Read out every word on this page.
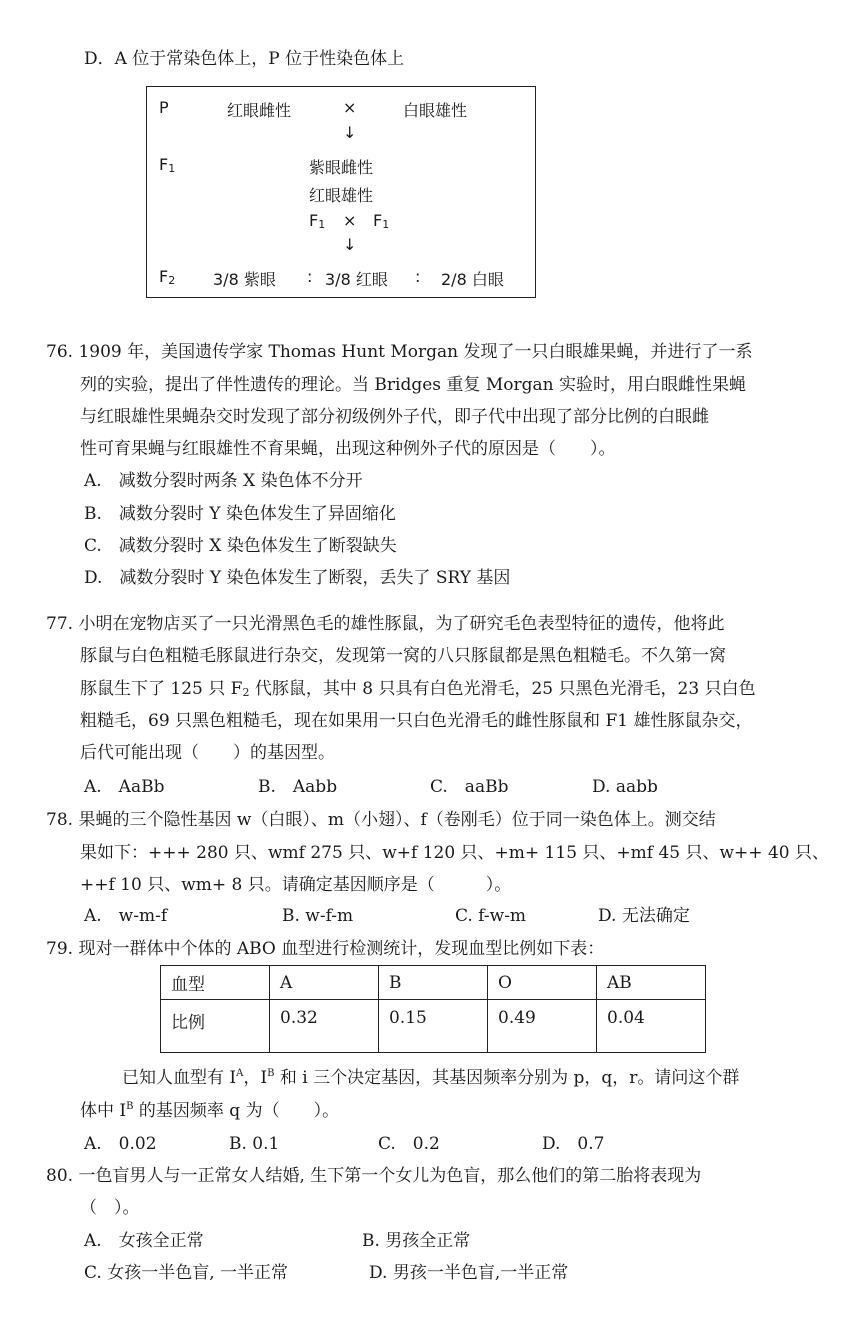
D．A 位于常染色体上，P 位于性染色体上
P	红眼雌性	×	白眼雄性
↓
$F_1$	紫眼雌性
红眼雄性
$F_1 \times F_1$
↓
$F_2$ 3/8 紫眼 : 3/8 红眼 : 2/8 白眼
76. 1909 年，美国遗传学家 Thomas Hunt Morgan 发现了一只白眼雄果蝇，并进行了一系
列的实验，提出了伴性遗传的理论。当 Bridges 重复 Morgan 实验时，用白眼雌性果蝇
与红眼雄性果蝇杂交时发现了部分初级例外子代，即子代中出现了部分比例的白眼雌
性可育果蝇与红眼雄性不育果蝇，出现这种例外子代的原因是（　　）。
A.　减数分裂时两条 X 染色体不分开
B.　减数分裂时 Y 染色体发生了异固缩化
C.　减数分裂时 X 染色体发生了断裂缺失
D.　减数分裂时 Y 染色体发生了断裂，丢失了 SRY 基因
77. 小明在宠物店买了一只光滑黑色毛的雄性豚鼠，为了研究毛色表型特征的遗传，他将此
豚鼠与白色粗糙毛豚鼠进行杂交，发现第一窝的八只豚鼠都是黑色粗糙毛。不久第一窝
豚鼠生下了 125 只 $F_2$ 代豚鼠，其中 8 只具有白色光滑毛，25 只黑色光滑毛，23 只白色
粗糙毛，69 只黑色粗糙毛，现在如果用一只白色光滑毛的雌性豚鼠和 F1 雄性豚鼠杂交，
后代可能出现（　　）的基因型。
A.　AaBb	B.　Aabb	C.　aaBb	D. aabb
78. 果蝇的三个隐性基因 w（白眼）、m（小翅）、f（卷刚毛）位于同一染色体上。测交结
果如下：+++ 280 只、wmf 275 只、w+f 120 只、+m+ 115 只、+mf 45 只、w++ 40 只、
++f 10 只、wm+ 8 只。请确定基因顺序是（　　　）。
A.　w-m-f	B. w-f-m	C. f-w-m	D. 无法确定
79. 现对一群体中个体的 ABO 血型进行检测统计，发现血型比例如下表：
血型	A	B	O	AB
比例	0.32	0.15	0.49	0.04
已知人血型有 $I^A$，$I^B$ 和 i 三个决定基因，其基因频率分别为 p，q，r。请问这个群
体中 $I^B$ 的基因频率 q 为（　　）。
A.　0.02	B. 0.1	C.　0.2	D.　0.7
80. 一色盲男人与一正常女人结婚, 生下第一个女儿为色盲，那么他们的第二胎将表现为
（　）。
A.　女孩全正常	B. 男孩全正常
C. 女孩一半色盲, 一半正常	D. 男孩一半色盲,一半正常
